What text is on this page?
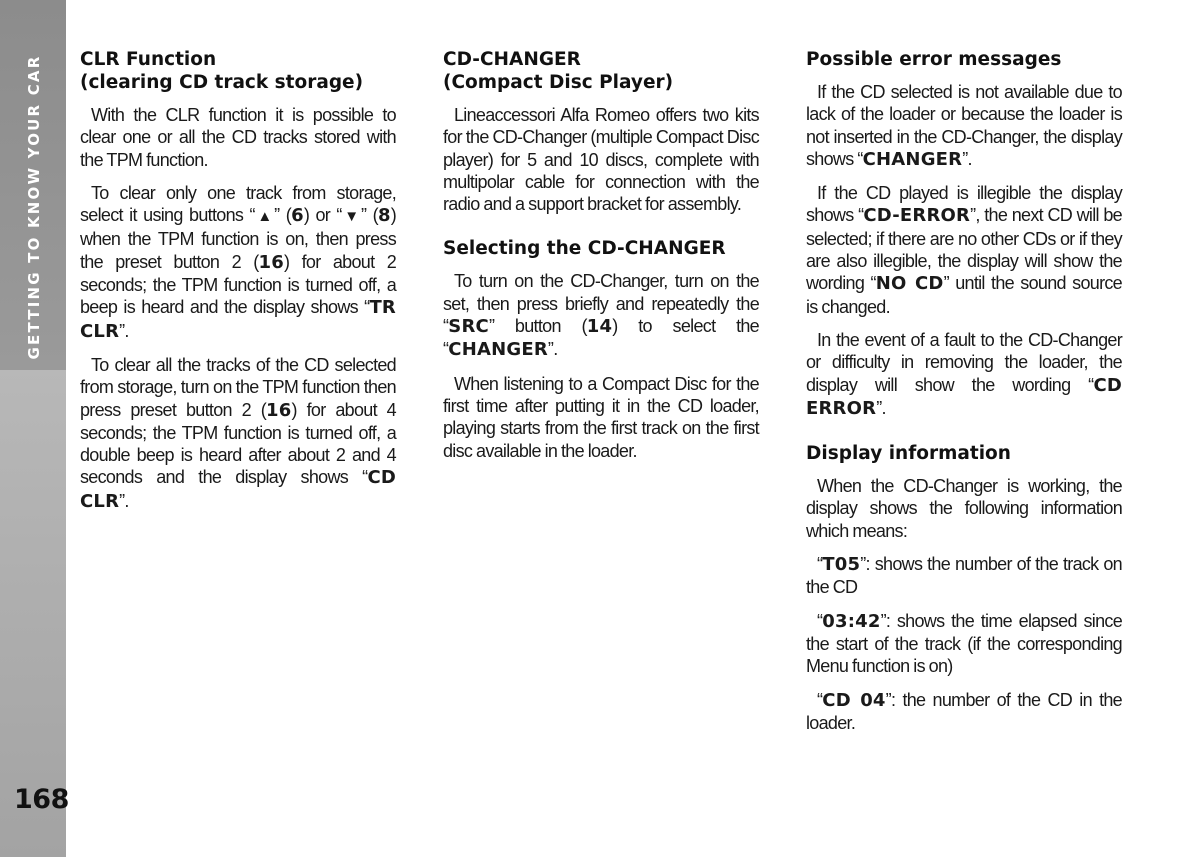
GETTING TO KNOW YOUR CAR
168
CLR Function
(clearing CD track storage)

With the CLR function it is possible to clear one or all the CD tracks stored with the TPM function.

To clear only one track from storage, select it using buttons “▲” (6) or “▼” (8) when the TPM function is on, then press the preset button 2 (16) for about 2 seconds; the TPM function is turned off, a beep is heard and the display shows “TR CLR”.

To clear all the tracks of the CD selected from storage, turn on the TPM function then press preset button 2 (16) for about 4 seconds; the TPM function is turned off, a double beep is heard after about 2 and 4 seconds and the display shows “CD CLR”.

CD-CHANGER
(Compact Disc Player)

Lineaccessori Alfa Romeo offers two kits for the CD-Changer (multiple Compact Disc player) for 5 and 10 discs, complete with multipolar cable for connection with the radio and a support bracket for assembly.

Selecting the CD-CHANGER

To turn on the CD-Changer, turn on the set, then press briefly and repeatedly the “SRC” button (14) to select the “CHANGER”.

When listening to a Compact Disc for the first time after putting it in the CD loader, playing starts from the first track on the first disc available in the loader.

Possible error messages

If the CD selected is not available due to lack of the loader or because the loader is not inserted in the CD-Changer, the display shows “CHANGER”.

If the CD played is illegible the display shows “CD-ERROR”, the next CD will be selected; if there are no other CDs or if they are also illegible, the display will show the wording “NO CD” until the sound source is changed.

In the event of a fault to the CD-Changer or difficulty in removing the loader, the display will show the wording “CD ERROR”.

Display information

When the CD-Changer is working, the display shows the following information which means:

“T05”: shows the number of the track on the CD

“03:42”: shows the time elapsed since the start of the track (if the corresponding Menu function is on)

“CD 04”: the number of the CD in the loader.
